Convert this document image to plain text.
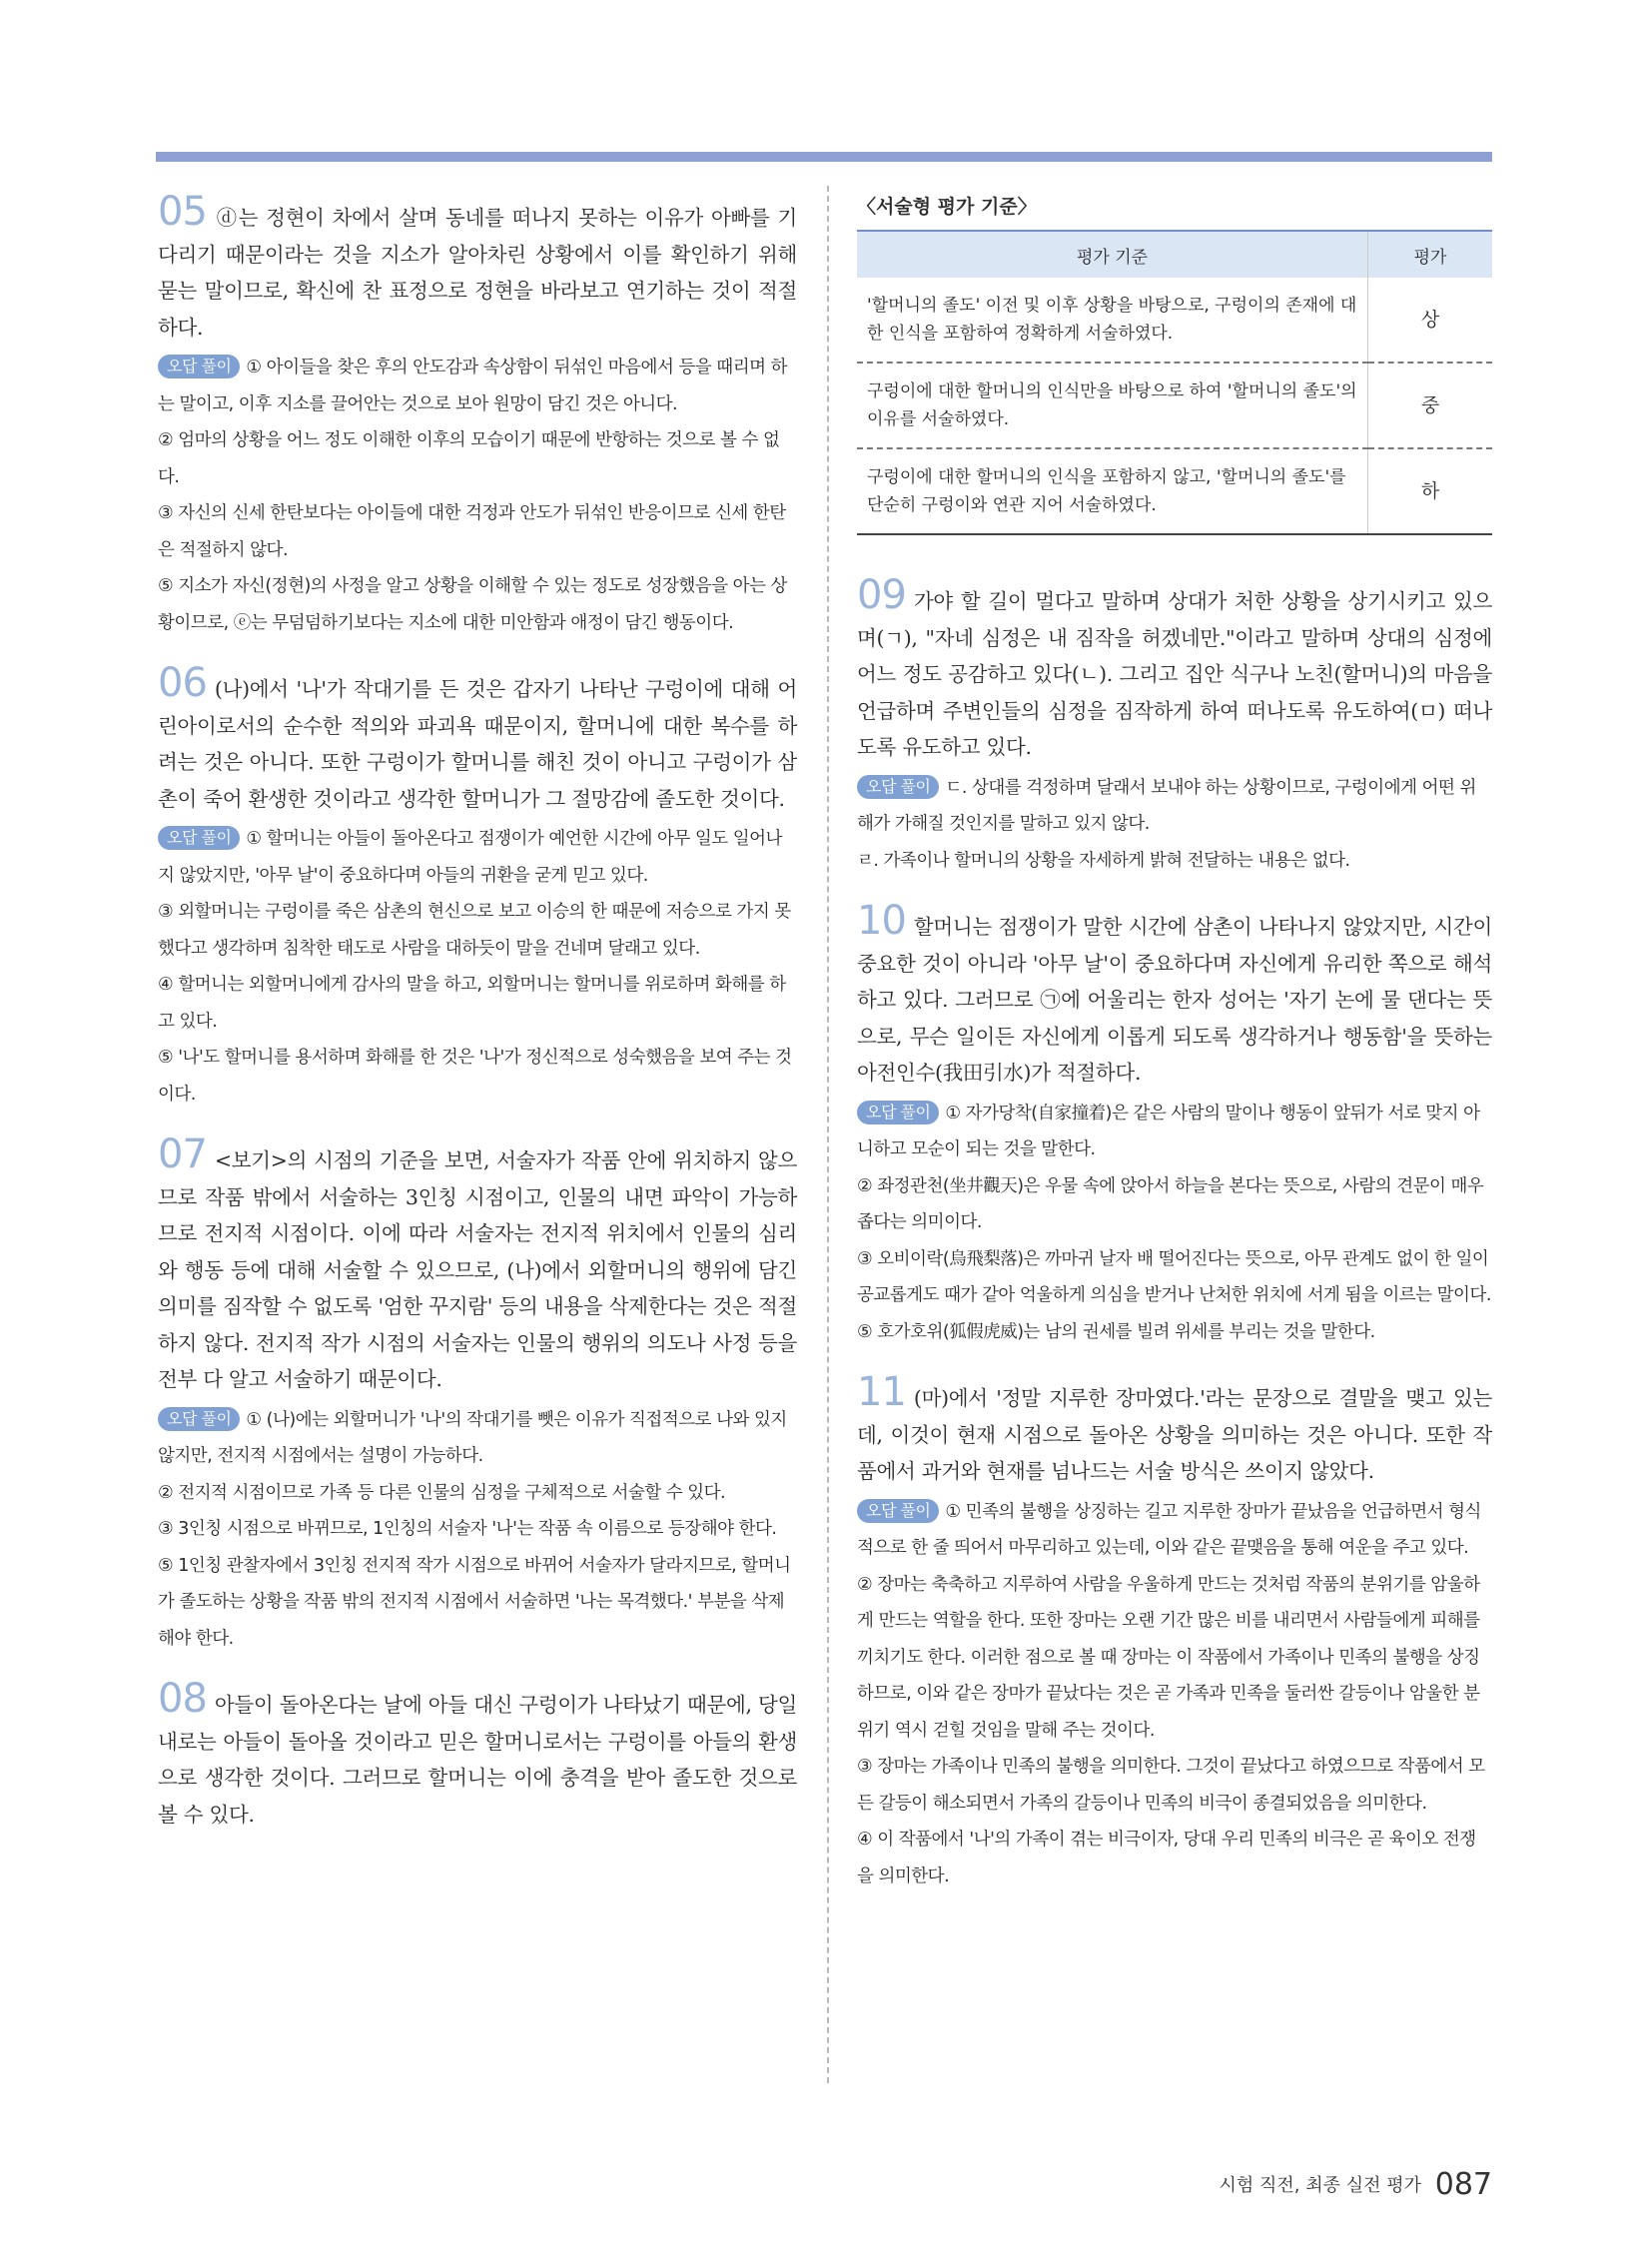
05 ⓓ는 정현이 차에서 살며 동네를 떠나지 못하는 이유가 아빠를 기다리기 때문이라는 것을 지소가 알아차린 상황에서 이를 확인하기 위해 묻는 말이므로, 확신에 찬 표정으로 정현을 바라보고 연기하는 것이 적절하다.

오답 풀이 ① 아이들을 찾은 후의 안도감과 속상함이 뒤섞인 마음에서 등을 때리며 하는 말이고, 이후 지소를 끌어안는 것으로 보아 원망이 담긴 것은 아니다.

② 엄마의 상황을 어느 정도 이해한 이후의 모습이기 때문에 반항하는 것으로 볼 수 없다.

③ 자신의 신세 한탄보다는 아이들에 대한 걱정과 안도가 뒤섞인 반응이므로 신세 한탄은 적절하지 않다.

⑤ 지소가 자신(정현)의 사정을 알고 상황을 이해할 수 있는 정도로 성장했음을 아는 상황이므로, ⓔ는 무덤덤하기보다는 지소에 대한 미안함과 애정이 담긴 행동이다.

06 (나)에서 '나'가 작대기를 든 것은 갑자기 나타난 구렁이에 대해 어린아이로서의 순수한 적의와 파괴욕 때문이지, 할머니에 대한 복수를 하려는 것은 아니다. 또한 구렁이가 할머니를 해친 것이 아니고 구렁이가 삼촌이 죽어 환생한 것이라고 생각한 할머니가 그 절망감에 졸도한 것이다.

오답 풀이 ① 할머니는 아들이 돌아온다고 점쟁이가 예언한 시간에 아무 일도 일어나지 않았지만, '아무 날'이 중요하다며 아들의 귀환을 굳게 믿고 있다.

③ 외할머니는 구렁이를 죽은 삼촌의 현신으로 보고 이승의 한 때문에 저승으로 가지 못했다고 생각하며 침착한 태도로 사람을 대하듯이 말을 건네며 달래고 있다.

④ 할머니는 외할머니에게 감사의 말을 하고, 외할머니는 할머니를 위로하며 화해를 하고 있다.

⑤ '나'도 할머니를 용서하며 화해를 한 것은 '나'가 정신적으로 성숙했음을 보여 주는 것이다.

07 <보기>의 시점의 기준을 보면, 서술자가 작품 안에 위치하지 않으므로 작품 밖에서 서술하는 3인칭 시점이고, 인물의 내면 파악이 가능하므로 전지적 시점이다. 이에 따라 서술자는 전지적 위치에서 인물의 심리와 행동 등에 대해 서술할 수 있으므로, (나)에서 외할머니의 행위에 담긴 의미를 짐작할 수 없도록 '엄한 꾸지람' 등의 내용을 삭제한다는 것은 적절하지 않다. 전지적 작가 시점의 서술자는 인물의 행위의 의도나 사정 등을 전부 다 알고 서술하기 때문이다.

오답 풀이 ① (나)에는 외할머니가 '나'의 작대기를 뺏은 이유가 직접적으로 나와 있지 않지만, 전지적 시점에서는 설명이 가능하다.

② 전지적 시점이므로 가족 등 다른 인물의 심정을 구체적으로 서술할 수 있다.

③ 3인칭 시점으로 바뀌므로, 1인칭의 서술자 '나'는 작품 속 이름으로 등장해야 한다.

⑤ 1인칭 관찰자에서 3인칭 전지적 작가 시점으로 바뀌어 서술자가 달라지므로, 할머니가 졸도하는 상황을 작품 밖의 전지적 시점에서 서술하면 '나는 목격했다.' 부분을 삭제해야 한다.

08 아들이 돌아온다는 날에 아들 대신 구렁이가 나타났기 때문에, 당일 내로는 아들이 돌아올 것이라고 믿은 할머니로서는 구렁이를 아들의 환생으로 생각한 것이다. 그러므로 할머니는 이에 충격을 받아 졸도한 것으로 볼 수 있다.

〈서술형 평가 기준〉
평가 기준	평가
'할머니의 졸도' 이전 및 이후 상황을 바탕으로, 구렁이의 존재에 대한 인식을 포함하여 정확하게 서술하였다.	상
구렁이에 대한 할머니의 인식만을 바탕으로 하여 '할머니의 졸도'의 이유를 서술하였다.	중
구렁이에 대한 할머니의 인식을 포함하지 않고, '할머니의 졸도'를 단순히 구렁이와 연관 지어 서술하였다.	하

09 가야 할 길이 멀다고 말하며 상대가 처한 상황을 상기시키고 있으며(ㄱ), "자네 심정은 내 짐작을 허겠네만."이라고 말하며 상대의 심정에 어느 정도 공감하고 있다(ㄴ). 그리고 집안 식구나 노친(할머니)의 마음을 언급하며 주변인들의 심정을 짐작하게 하여 떠나도록 유도하여(ㅁ) 떠나도록 유도하고 있다.

오답 풀이 ㄷ. 상대를 걱정하며 달래서 보내야 하는 상황이므로, 구렁이에게 어떤 위해가 가해질 것인지를 말하고 있지 않다.

ㄹ. 가족이나 할머니의 상황을 자세하게 밝혀 전달하는 내용은 없다.

10 할머니는 점쟁이가 말한 시간에 삼촌이 나타나지 않았지만, 시간이 중요한 것이 아니라 '아무 날'이 중요하다며 자신에게 유리한 쪽으로 해석하고 있다. 그러므로 ㉠에 어울리는 한자 성어는 '자기 논에 물 댄다는 뜻으로, 무슨 일이든 자신에게 이롭게 되도록 생각하거나 행동함'을 뜻하는 아전인수(我田引水)가 적절하다.

오답 풀이 ① 자가당착(自家撞着)은 같은 사람의 말이나 행동이 앞뒤가 서로 맞지 아니하고 모순이 되는 것을 말한다.

② 좌정관천(坐井觀天)은 우물 속에 앉아서 하늘을 본다는 뜻으로, 사람의 견문이 매우 좁다는 의미이다.

③ 오비이락(烏飛梨落)은 까마귀 날자 배 떨어진다는 뜻으로, 아무 관계도 없이 한 일이 공교롭게도 때가 같아 억울하게 의심을 받거나 난처한 위치에 서게 됨을 이르는 말이다.

⑤ 호가호위(狐假虎威)는 남의 권세를 빌려 위세를 부리는 것을 말한다.

11 (마)에서 '정말 지루한 장마였다.'라는 문장으로 결말을 맺고 있는데, 이것이 현재 시점으로 돌아온 상황을 의미하는 것은 아니다. 또한 작품에서 과거와 현재를 넘나드는 서술 방식은 쓰이지 않았다.

오답 풀이 ① 민족의 불행을 상징하는 길고 지루한 장마가 끝났음을 언급하면서 형식적으로 한 줄 띄어서 마무리하고 있는데, 이와 같은 끝맺음을 통해 여운을 주고 있다.

② 장마는 축축하고 지루하여 사람을 우울하게 만드는 것처럼 작품의 분위기를 암울하게 만드는 역할을 한다. 또한 장마는 오랜 기간 많은 비를 내리면서 사람들에게 피해를 끼치기도 한다. 이러한 점으로 볼 때 장마는 이 작품에서 가족이나 민족의 불행을 상징하므로, 이와 같은 장마가 끝났다는 것은 곧 가족과 민족을 둘러싼 갈등이나 암울한 분위기 역시 걷힐 것임을 말해 주는 것이다.

③ 장마는 가족이나 민족의 불행을 의미한다. 그것이 끝났다고 하였으므로 작품에서 모든 갈등이 해소되면서 가족의 갈등이나 민족의 비극이 종결되었음을 의미한다.

④ 이 작품에서 '나'의 가족이 겪는 비극이자, 당대 우리 민족의 비극은 곧 육이오 전쟁을 의미한다.

시험 직전, 최종 실전 평가 087
